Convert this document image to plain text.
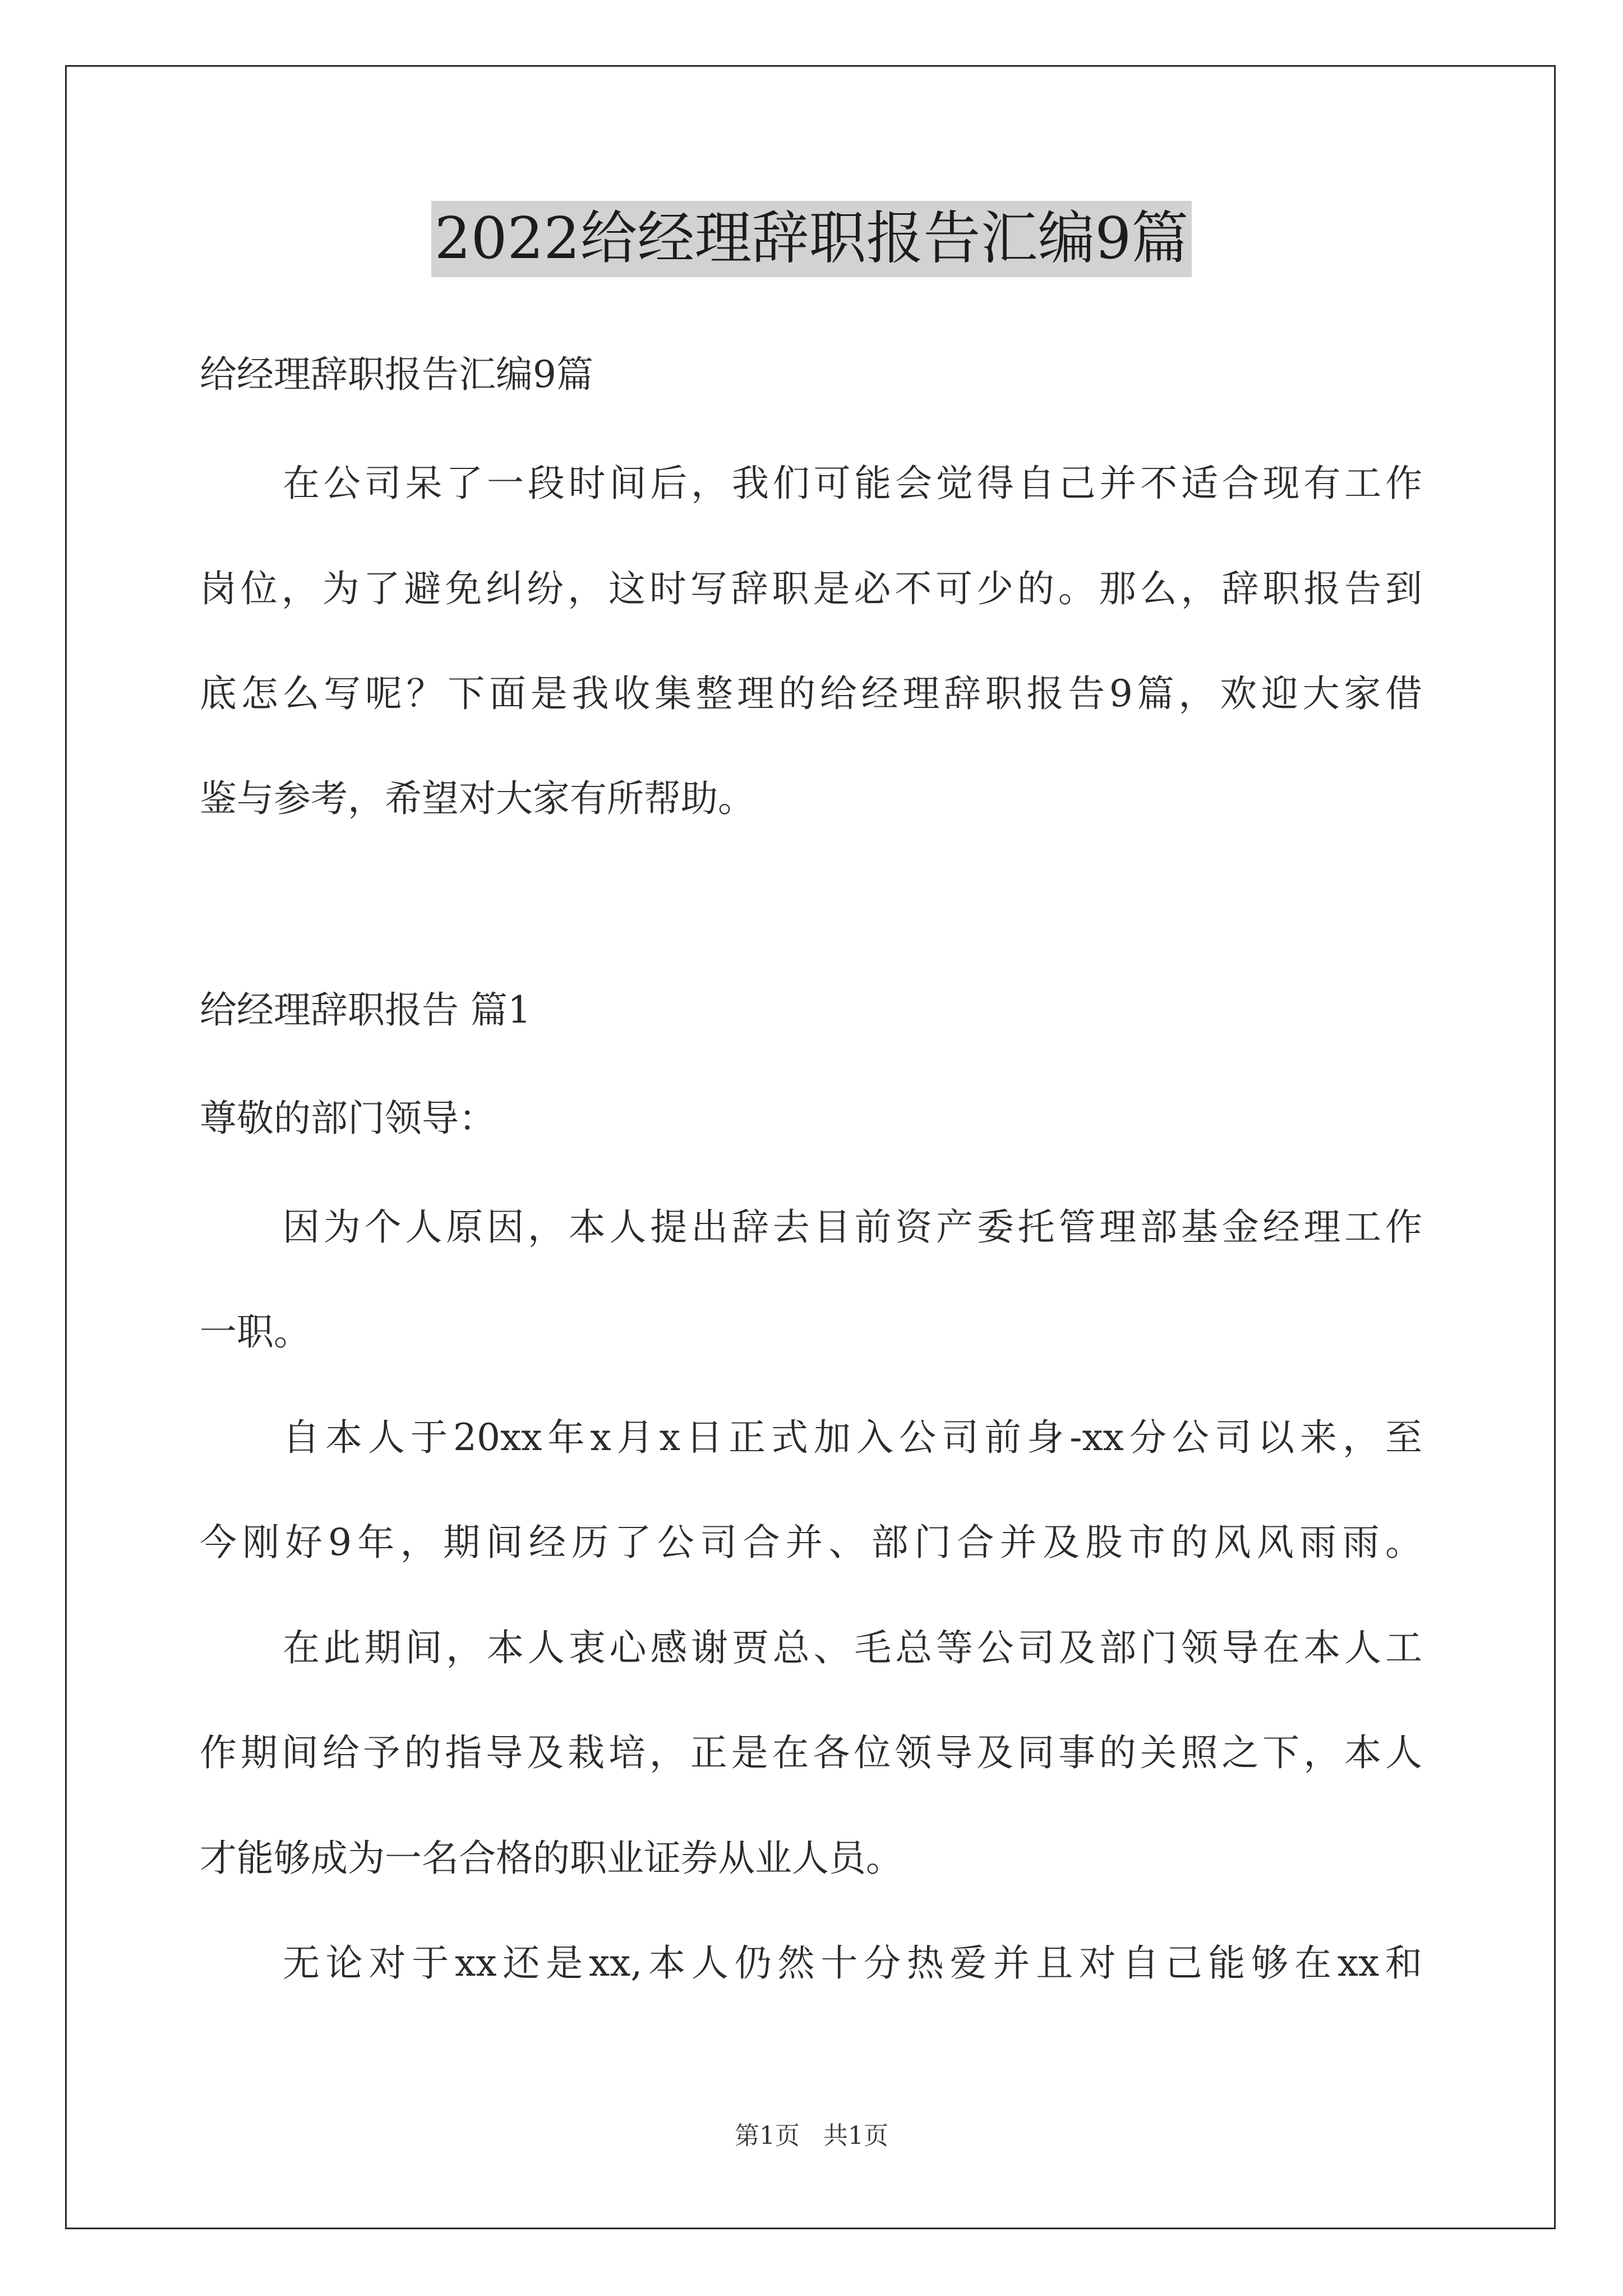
2022给经理辞职报告汇编9篇
给经理辞职报告汇编9篇
在公司呆了一段时间后，我们可能会觉得自己并不适合现有工作
岗位，为了避免纠纷，这时写辞职是必不可少的。那么，辞职报告到
底怎么写呢？下面是我收集整理的给经理辞职报告9篇，欢迎大家借
鉴与参考，希望对大家有所帮助。
给经理辞职报告 篇1
尊敬的部门领导：
因为个人原因，本人提出辞去目前资产委托管理部基金经理工作
一职。
自本人于20xx年x月x日正式加入公司前身-xx分公司以来，至
今刚好9年，期间经历了公司合并、部门合并及股市的风风雨雨。
在此期间，本人衷心感谢贾总、毛总等公司及部门领导在本人工
作期间给予的指导及栽培，正是在各位领导及同事的关照之下，本人
才能够成为一名合格的职业证券从业人员。
无论对于xx还是xx,本人仍然十分热爱并且对自己能够在xx和
第1页 共1页
